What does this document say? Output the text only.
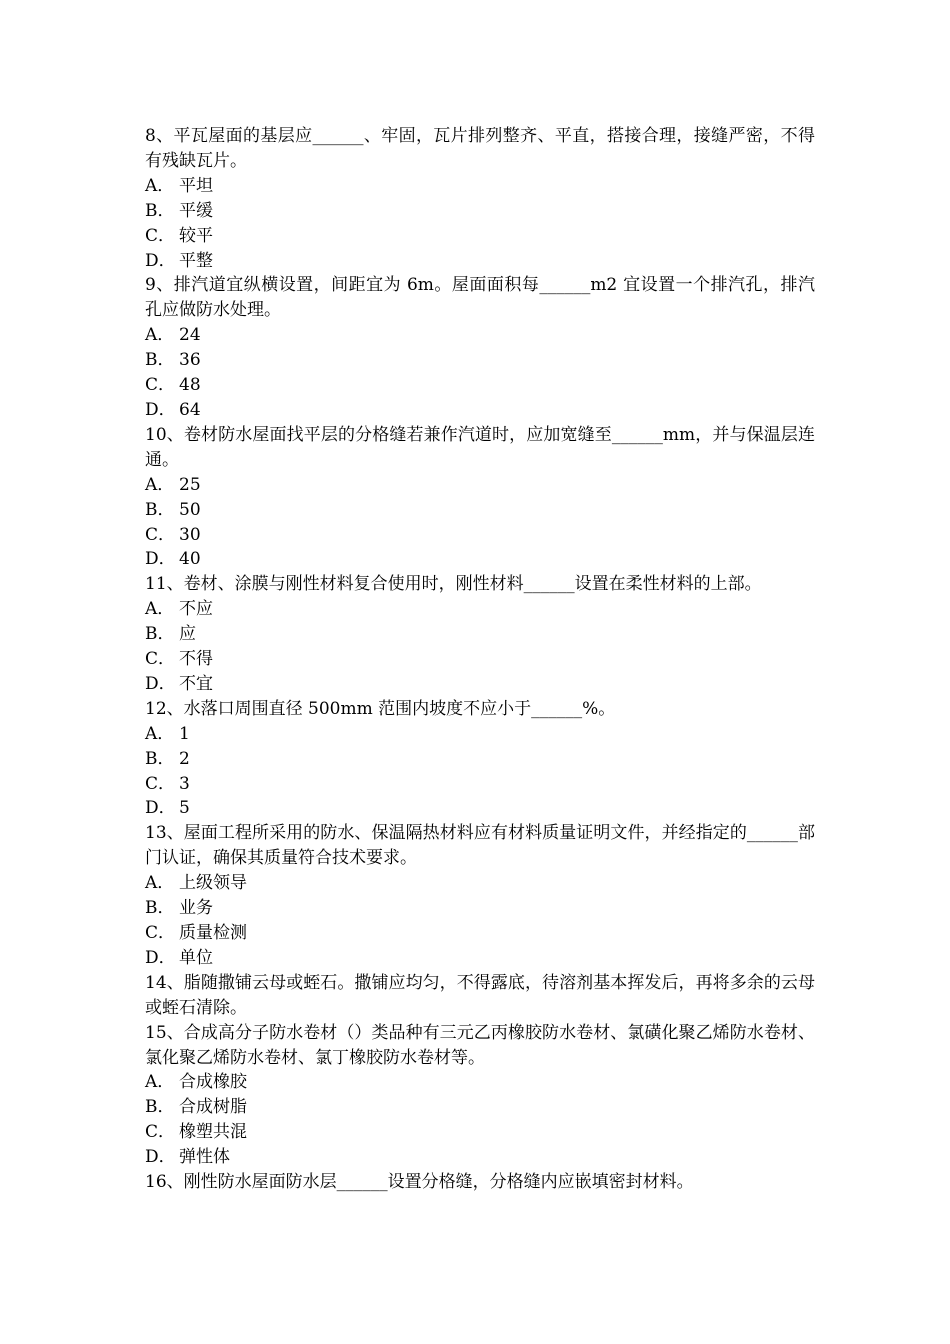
8、平瓦屋面的基层应______、牢固，瓦片排列整齐、平直，搭接合理，接缝严密，不得有残缺瓦片。

A． 平坦
B． 平缓
C． 较平
D． 平整

9、排汽道宜纵横设置，间距宜为 6m。屋面面积每______m2 宜设置一个排汽孔，排汽孔应做防水处理。

A． 24
B． 36
C． 48
D． 64

10、卷材防水屋面找平层的分格缝若兼作汽道时，应加宽缝至______mm，并与保温层连通。

A． 25
B． 50
C． 30
D． 40

11、卷材、涂膜与刚性材料复合使用时，刚性材料______设置在柔性材料的上部。

A． 不应
B． 应
C． 不得
D． 不宜

12、水落口周围直径 500mm 范围内坡度不应小于______%。

A． 1
B． 2
C． 3
D． 5

13、屋面工程所采用的防水、保温隔热材料应有材料质量证明文件，并经指定的______部门认证，确保其质量符合技术要求。

A． 上级领导
B． 业务
C． 质量检测
D． 单位

14、脂随撒铺云母或蛭石。撒铺应均匀，不得露底，待溶剂基本挥发后，再将多余的云母或蛭石清除。

15、合成高分子防水卷材（）类品种有三元乙丙橡胶防水卷材、氯磺化聚乙烯防水卷材、氯化聚乙烯防水卷材、氯丁橡胶防水卷材等。

A． 合成橡胶
B． 合成树脂
C． 橡塑共混
D． 弹性体

16、刚性防水屋面防水层______设置分格缝，分格缝内应嵌填密封材料。
